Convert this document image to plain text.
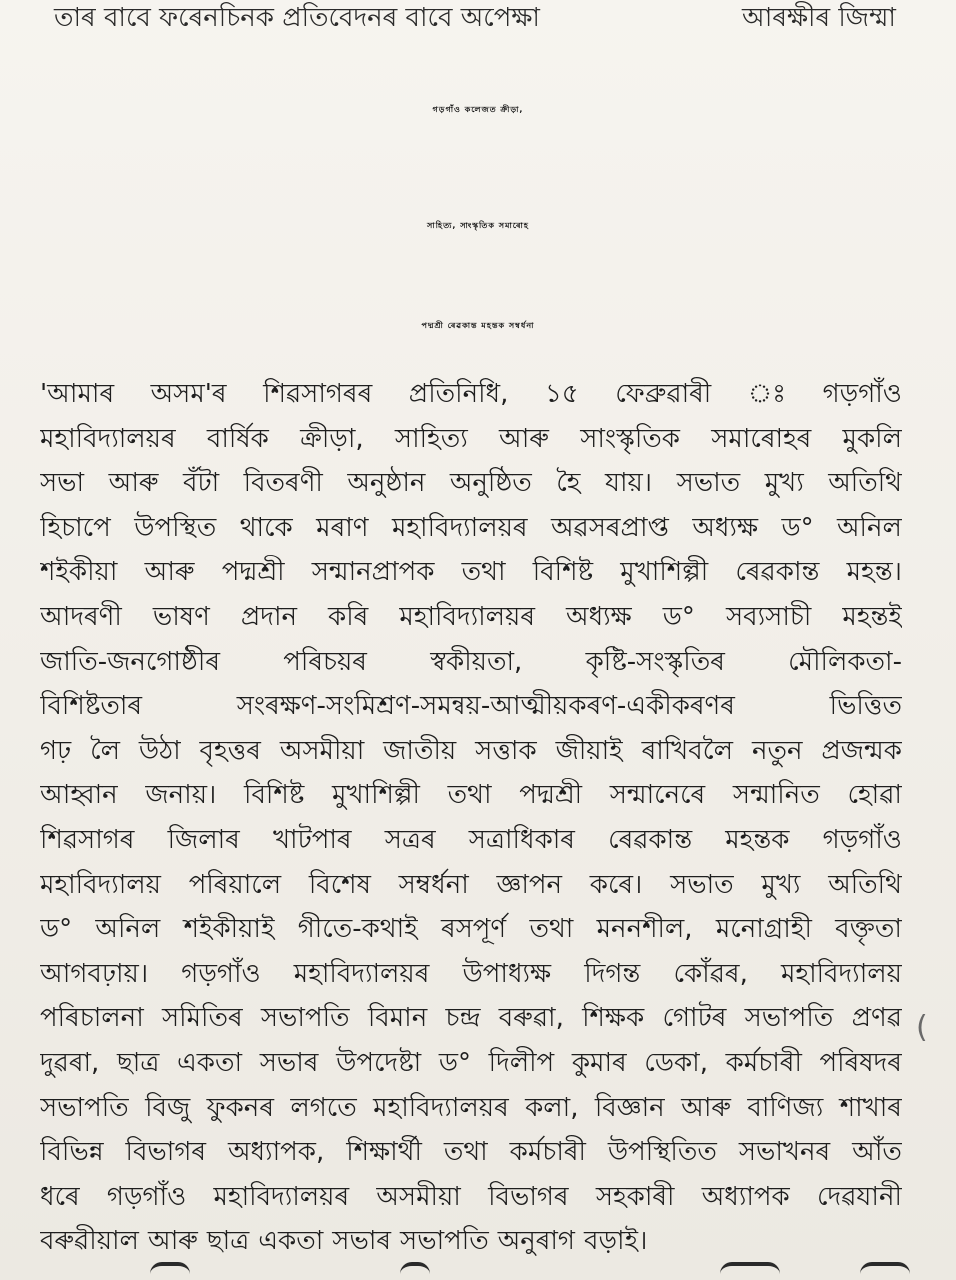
তাৰ বাবে ফৰেনচিনক প্ৰতিবেদনৰ বাবে অপেক্ষা	আৰক্ষীৰ জিম্মা
গড়গাঁও কলেজত ক্ৰীড়া,
সাহিত্য, সাংস্কৃতিক সমাৰোহ
পদ্মশ্ৰী ৰেৱকান্ত মহন্তক সম্বৰ্ধনা
'আমাৰ অসম'ৰ শিৱসাগৰৰ প্ৰতিনিধি, ১৫ ফেব্ৰুৱাৰী ঃ গড়গাঁও
মহাবিদ্যালয়ৰ বাৰ্ষিক ক্ৰীড়া, সাহিত্য আৰু সাংস্কৃতিক সমাৰোহৰ মুকলি
সভা আৰু বঁটা বিতৰণী অনুষ্ঠান অনুষ্ঠিত হৈ যায়। সভাত মুখ্য অতিথি
হিচাপে উপস্থিত থাকে মৰাণ মহাবিদ্যালয়ৰ অৱসৰপ্ৰাপ্ত অধ্যক্ষ ড° অনিল
শইকীয়া আৰু পদ্মশ্ৰী সন্মানপ্ৰাপক তথা বিশিষ্ট মুখাশিল্পী ৰেৱকান্ত মহন্ত।
আদৰণী ভাষণ প্ৰদান কৰি মহাবিদ্যালয়ৰ অধ্যক্ষ ড° সব্যসাচী মহন্তই
জাতি-জনগোষ্ঠীৰ পৰিচয়ৰ স্বকীয়তা, কৃষ্টি-সংস্কৃতিৰ মৌলিকতা-
বিশিষ্টতাৰ	সংৰক্ষণ-সংমিশ্ৰণ-সমন্বয়-আত্মীয়কৰণ-একীকৰণৰ	ভিত্তিত
গঢ় লৈ উঠা বৃহত্তৰ অসমীয়া জাতীয় সত্তাক জীয়াই ৰাখিবলৈ নতুন প্ৰজন্মক
আহ্বান জনায়। বিশিষ্ট মুখাশিল্পী তথা পদ্মশ্ৰী সন্মানেৰে সন্মানিত হোৱা
শিৱসাগৰ জিলাৰ খাটপাৰ সত্ৰৰ সত্ৰাধিকাৰ ৰেৱকান্ত মহন্তক গড়গাঁও
মহাবিদ্যালয় পৰিয়ালে বিশেষ সম্বৰ্ধনা জ্ঞাপন কৰে। সভাত মুখ্য অতিথি
ড° অনিল শইকীয়াই গীতে-কথাই ৰসপূৰ্ণ তথা মননশীল, মনোগ্ৰাহী বক্তৃতা
আগবঢ়ায়। গড়গাঁও মহাবিদ্যালয়ৰ উপাধ্যক্ষ দিগন্ত কোঁৱৰ, মহাবিদ্যালয়
পৰিচালনা সমিতিৰ সভাপতি বিমান চন্দ্ৰ বৰুৱা, শিক্ষক গোটৰ সভাপতি প্ৰণৱ
দুৱৰা, ছাত্ৰ একতা সভাৰ উপদেষ্টা ড° দিলীপ কুমাৰ ডেকা, কৰ্মচাৰী পৰিষদৰ
সভাপতি বিজু ফুকনৰ লগতে মহাবিদ্যালয়ৰ কলা, বিজ্ঞান আৰু বাণিজ্য শাখাৰ
বিভিন্ন বিভাগৰ অধ্যাপক, শিক্ষাৰ্থী তথা কৰ্মচাৰী উপস্থিতিত সভাখনৰ আঁত
ধৰে গড়গাঁও মহাবিদ্যালয়ৰ অসমীয়া বিভাগৰ সহকাৰী অধ্যাপক দেৱযানী
বৰুৱীয়াল আৰু ছাত্ৰ একতা সভাৰ সভাপতি অনুৰাগ বড়াই।
(
